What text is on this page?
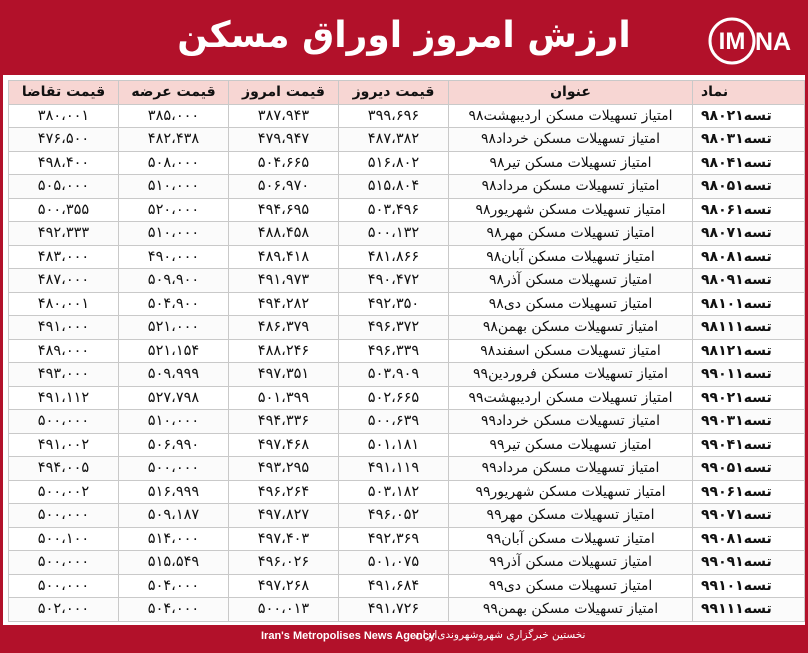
ارزش امروز اوراق مسکن	IM NA
نماد
عنوان
قیمت دیروز
قیمت امروز
قیمت عرضه
قیمت تقاضا
تسه۹۸۰۲۱
امتیاز تسهیلات مسکن اردیبهشت۹۸
۳۹۹،۶۹۶
۳۸۷،۹۴۳
۳۸۵،۰۰۰
۳۸۰،۰۰۱
تسه۹۸۰۳۱
امتیاز تسهیلات مسکن خرداد۹۸
۴۸۷،۳۸۲
۴۷۹،۹۴۷
۴۸۲،۴۳۸
۴۷۶،۵۰۰
تسه۹۸۰۴۱
امتیاز تسهیلات مسکن تیر۹۸
۵۱۶،۸۰۲
۵۰۴،۶۶۵
۵۰۸،۰۰۰
۴۹۸،۴۰۰
تسه۹۸۰۵۱
امتیاز تسهیلات مسکن مرداد۹۸
۵۱۵،۸۰۴
۵۰۶،۹۷۰
۵۱۰،۰۰۰
۵۰۵،۰۰۰
تسه۹۸۰۶۱
امتیاز تسهیلات مسکن شهریور۹۸
۵۰۳،۴۹۶
۴۹۴،۶۹۵
۵۲۰،۰۰۰
۵۰۰،۳۵۵
تسه۹۸۰۷۱
امتیاز تسهیلات مسکن مهر۹۸
۵۰۰،۱۳۲
۴۸۸،۴۵۸
۵۱۰،۰۰۰
۴۹۲،۳۳۳
تسه۹۸۰۸۱
امتیاز تسهیلات مسکن آبان۹۸
۴۸۱،۸۶۶
۴۸۹،۴۱۸
۴۹۰،۰۰۰
۴۸۳،۰۰۰
تسه۹۸۰۹۱
امتیاز تسهیلات مسکن آذر۹۸
۴۹۰،۴۷۲
۴۹۱،۹۷۳
۵۰۹،۹۰۰
۴۸۷،۰۰۰
تسه۹۸۱۰۱
امتیاز تسهیلات مسکن دی۹۸
۴۹۲،۳۵۰
۴۹۴،۲۸۲
۵۰۴،۹۰۰
۴۸۰،۰۰۱
تسه۹۸۱۱۱
امتیاز تسهیلات مسکن بهمن۹۸
۴۹۶،۳۷۲
۴۸۶،۳۷۹
۵۲۱،۰۰۰
۴۹۱،۰۰۰
تسه۹۸۱۲۱
امتیاز تسهیلات مسکن اسفند۹۸
۴۹۶،۳۳۹
۴۸۸،۲۴۶
۵۲۱،۱۵۴
۴۸۹،۰۰۰
تسه۹۹۰۱۱
امتیاز تسهیلات مسکن فروردین۹۹
۵۰۳،۹۰۹
۴۹۷،۳۵۱
۵۰۹،۹۹۹
۴۹۳،۰۰۰
تسه۹۹۰۲۱
امتیاز تسهیلات مسکن اردیبهشت۹۹
۵۰۲،۶۶۵
۵۰۱،۳۹۹
۵۲۷،۷۹۸
۴۹۱،۱۱۲
تسه۹۹۰۳۱
امتیاز تسهیلات مسکن خرداد۹۹
۵۰۰،۶۳۹
۴۹۴،۳۳۶
۵۱۰،۰۰۰
۵۰۰،۰۰۰
تسه۹۹۰۴۱
امتیاز تسهیلات مسکن تیر۹۹
۵۰۱،۱۸۱
۴۹۷،۴۶۸
۵۰۶،۹۹۰
۴۹۱،۰۰۲
تسه۹۹۰۵۱
امتیاز تسهیلات مسکن مرداد۹۹
۴۹۱،۱۱۹
۴۹۳،۲۹۵
۵۰۰،۰۰۰
۴۹۴،۰۰۵
تسه۹۹۰۶۱
امتیاز تسهیلات مسکن شهریور۹۹
۵۰۳،۱۸۲
۴۹۶،۲۶۴
۵۱۶،۹۹۹
۵۰۰،۰۰۲
تسه۹۹۰۷۱
امتیاز تسهیلات مسکن مهر۹۹
۴۹۶،۰۵۲
۴۹۷،۸۲۷
۵۰۹،۱۸۷
۵۰۰،۰۰۰
تسه۹۹۰۸۱
امتیاز تسهیلات مسکن آبان۹۹
۴۹۲،۳۶۹
۴۹۷،۴۰۳
۵۱۴،۰۰۰
۵۰۰،۱۰۰
تسه۹۹۰۹۱
امتیاز تسهیلات مسکن آذر۹۹
۵۰۱،۰۷۵
۴۹۶،۰۲۶
۵۱۵،۵۴۹
۵۰۰،۰۰۰
تسه۹۹۱۰۱
امتیاز تسهیلات مسکن دی۹۹
۴۹۱،۶۸۴
۴۹۷،۲۶۸
۵۰۴،۰۰۰
۵۰۰،۰۰۰
تسه۹۹۱۱۱
امتیاز تسهیلات مسکن بهمن۹۹
۴۹۱،۷۲۶
۵۰۰،۰۱۳
۵۰۴،۰۰۰
۵۰۲،۰۰۰
Iran's Metropolises News Agency
نخستین خبرگزاری شهروشهروندی‌ایران
